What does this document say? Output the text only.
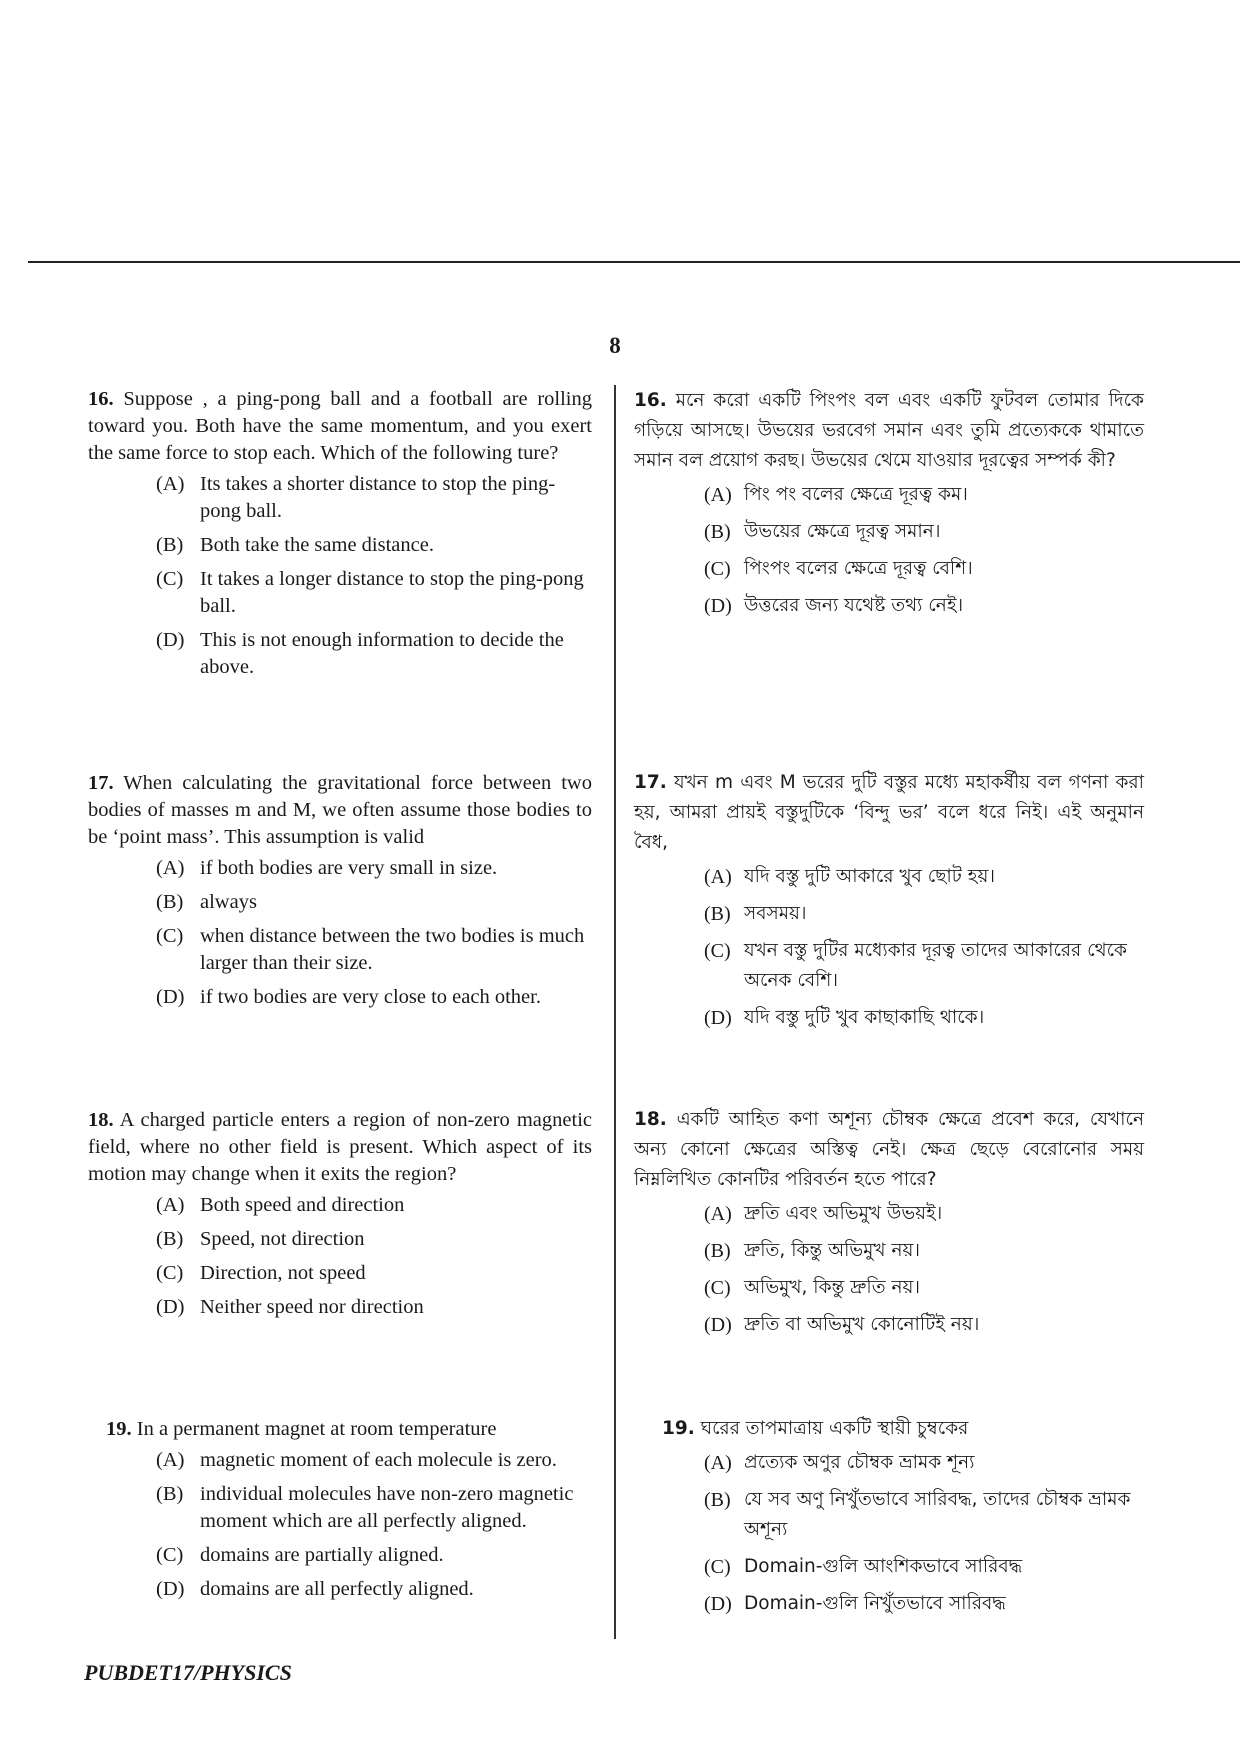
8

16. Suppose , a ping-pong ball and a football are rolling toward you. Both have the same momentum, and you exert the same force to stop each. Which of the following ture?

(A) Its takes a shorter distance to stop the ping-pong ball.
(B) Both take the same distance.
(C) It takes a longer distance to stop the ping-pong ball.
(D) This is not enough information to decide the above.

17. When calculating the gravitational force between two bodies of masses m and M, we often assume those bodies to be ‘point mass’. This assumption is valid

(A) if both bodies are very small in size.
(B) always
(C) when distance between the two bodies is much larger than their size.
(D) if two bodies are very close to each other.

18. A charged particle enters a region of non-zero magnetic field, where no other field is present. Which aspect of its motion may change when it exits the region?

(A) Both speed and direction
(B) Speed, not direction
(C) Direction, not speed
(D) Neither speed nor direction

19. In a permanent magnet at room temperature

(A) magnetic moment of each molecule is zero.
(B) individual molecules have non-zero magnetic moment which are all perfectly aligned.
(C) domains are partially aligned.
(D) domains are all perfectly aligned.

16. মনে করো একটি পিংপং বল এবং একটি ফুটবল তোমার দিকে গড়িয়ে আসছে। উভয়ের ভরবেগ সমান এবং তুমি প্রত্যেককে থামাতে সমান বল প্রয়োগ করছ। উভয়ের থেমে যাওয়ার দূরত্বের সম্পর্ক কী?

(A) পিং পং বলের ক্ষেত্রে দূরত্ব কম।
(B) উভয়ের ক্ষেত্রে দূরত্ব সমান।
(C) পিংপং বলের ক্ষেত্রে দূরত্ব বেশি।
(D) উত্তরের জন্য যথেষ্ট তথ্য নেই।

17. যখন m এবং M ভরের দুটি বস্তুর মধ্যে মহাকর্ষীয় বল গণনা করা হয়, আমরা প্রায়ই বস্তুদুটিকে ‘বিন্দু ভর’ বলে ধরে নিই। এই অনুমান বৈধ,

(A) যদি বস্তু দুটি আকারে খুব ছোট হয়।
(B) সবসময়।
(C) যখন বস্তু দুটির মধ্যেকার দূরত্ব তাদের আকারের থেকে অনেক বেশি।
(D) যদি বস্তু দুটি খুব কাছাকাছি থাকে।

18. একটি আহিত কণা অশূন্য চৌম্বক ক্ষেত্রে প্রবেশ করে, যেখানে অন্য কোনো ক্ষেত্রের অস্তিত্ব নেই। ক্ষেত্র ছেড়ে বেরোনোর সময় নিম্নলিখিত কোনটির পরিবর্তন হতে পারে?

(A) দ্রুতি এবং অভিমুখ উভয়ই।
(B) দ্রুতি, কিন্তু অভিমুখ নয়।
(C) অভিমুখ, কিন্তু দ্রুতি নয়।
(D) দ্রুতি বা অভিমুখ কোনোটিই নয়।

19. ঘরের তাপমাত্রায় একটি স্থায়ী চুম্বকের

(A) প্রত্যেক অণুর চৌম্বক ভ্রামক শূন্য
(B) যে সব অণু নিখুঁতভাবে সারিবদ্ধ, তাদের চৌম্বক ভ্রামক অশূন্য
(C) Domain-গুলি আংশিকভাবে সারিবদ্ধ
(D) Domain-গুলি নিখুঁতভাবে সারিবদ্ধ
PUBDET17/PHYSICS
